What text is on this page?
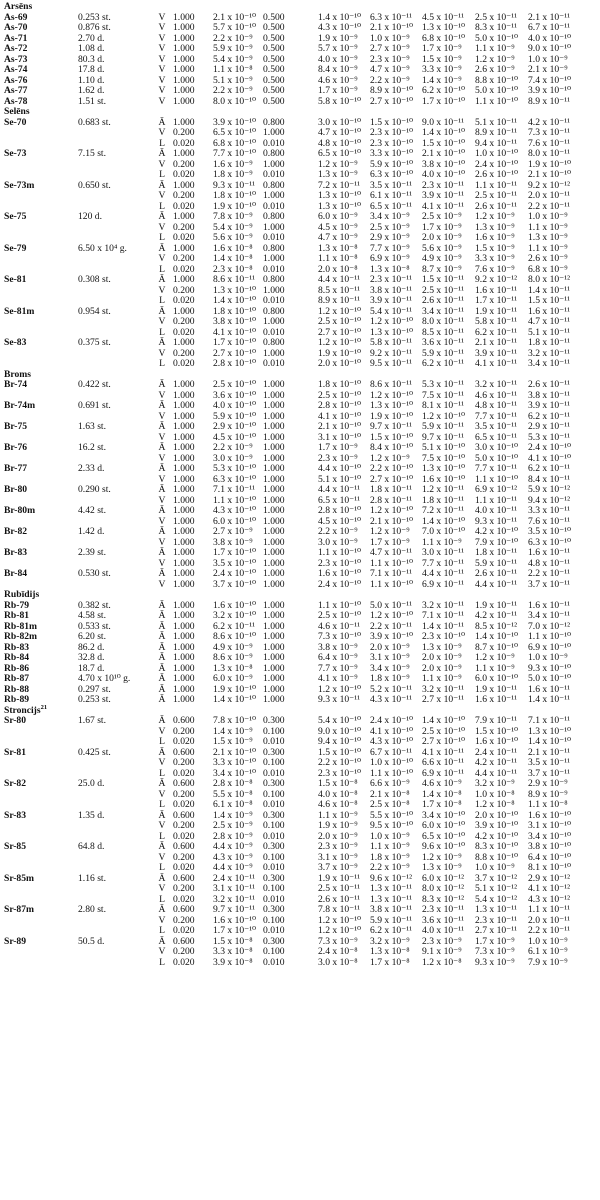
Arsēns
As-69	0.253 st.	V 1.000 2.1 x 10⁻¹⁰ 0.500	1.4 x 10⁻¹⁰ 6.3 x 10⁻¹¹ 4.5 x 10⁻¹¹ 2.5 x 10⁻¹¹ 2.1 x 10⁻¹¹
As-70	0.876 st.	V 1.000 5.7 x 10⁻¹⁰ 0.500	4.3 x 10⁻¹⁰ 2.1 x 10⁻¹⁰ 1.3 x 10⁻¹⁰ 8.3 x 10⁻¹¹ 6.7 x 10⁻¹¹
As-71	2.70 d.	V 1.000 2.2 x 10⁻⁹ 0.500	1.9 x 10⁻⁹ 1.0 x 10⁻⁹ 6.8 x 10⁻¹⁰ 5.0 x 10⁻¹⁰ 4.0 x 10⁻¹⁰
As-72	1.08 d.	V 1.000 5.9 x 10⁻⁹ 0.500	5.7 x 10⁻⁹ 2.7 x 10⁻⁹ 1.7 x 10⁻⁹ 1.1 x 10⁻⁹ 9.0 x 10⁻¹⁰
As-73	80.3 d.	V 1.000 5.4 x 10⁻⁹ 0.500	4.0 x 10⁻⁹ 2.3 x 10⁻⁹ 1.5 x 10⁻⁹ 1.2 x 10⁻⁹ 1.0 x 10⁻⁹
As-74	17.8 d.	V 1.000 1.1 x 10⁻⁸ 0.500	8.4 x 10⁻⁹ 4.7 x 10⁻⁹ 3.3 x 10⁻⁹ 2.6 x 10⁻⁹ 2.1 x 10⁻⁹
As-76	1.10 d.	V 1.000 5.1 x 10⁻⁹ 0.500	4.6 x 10⁻⁹ 2.2 x 10⁻⁹ 1.4 x 10⁻⁹ 8.8 x 10⁻¹⁰ 7.4 x 10⁻¹⁰
As-77	1.62 d.	V 1.000 2.2 x 10⁻⁹ 0.500	1.7 x 10⁻⁹ 8.9 x 10⁻¹⁰ 6.2 x 10⁻¹⁰ 5.0 x 10⁻¹⁰ 3.9 x 10⁻¹⁰
As-78	1.51 st.	V 1.000 8.0 x 10⁻¹⁰ 0.500	5.8 x 10⁻¹⁰ 2.7 x 10⁻¹⁰ 1.7 x 10⁻¹⁰ 1.1 x 10⁻¹⁰ 8.9 x 10⁻¹¹
Selēns
Se-70	0.683 st.	Ā 1.000 3.9 x 10⁻¹⁰ 0.800	3.0 x 10⁻¹⁰ 1.5 x 10⁻¹⁰ 9.0 x 10⁻¹¹ 5.1 x 10⁻¹¹ 4.2 x 10⁻¹¹
V 0.200 6.5 x 10⁻¹⁰ 1.000	4.7 x 10⁻¹⁰ 2.3 x 10⁻¹⁰ 1.4 x 10⁻¹⁰ 8.9 x 10⁻¹¹ 7.3 x 10⁻¹¹
L 0.020 6.8 x 10⁻¹⁰ 0.010	4.8 x 10⁻¹⁰ 2.3 x 10⁻¹⁰ 1.5 x 10⁻¹⁰ 9.4 x 10⁻¹¹ 7.6 x 10⁻¹¹
Se-73	7.15 st.	Ā 1.000 7.7 x 10⁻¹⁰ 0.800	6.5 x 10⁻¹⁰ 3.3 x 10⁻¹⁰ 2.1 x 10⁻¹⁰ 1.0 x 10⁻¹⁰ 8.0 x 10⁻¹¹
V 0.200 1.6 x 10⁻⁹ 1.000	1.2 x 10⁻⁹ 5.9 x 10⁻¹⁰ 3.8 x 10⁻¹⁰ 2.4 x 10⁻¹⁰ 1.9 x 10⁻¹⁰
L 0.020 1.8 x 10⁻⁹ 0.010	1.3 x 10⁻⁹ 6.3 x 10⁻¹⁰ 4.0 x 10⁻¹⁰ 2.6 x 10⁻¹⁰ 2.1 x 10⁻¹⁰
Se-73m	0.650 st.	Ā 1.000 9.3 x 10⁻¹¹ 0.800	7.2 x 10⁻¹¹ 3.5 x 10⁻¹¹ 2.3 x 10⁻¹¹ 1.1 x 10⁻¹¹ 9.2 x 10⁻¹²
V 0.200 1.8 x 10⁻¹⁰ 1.000	1.3 x 10⁻¹⁰ 6.1 x 10⁻¹¹ 3.9 x 10⁻¹¹ 2.5 x 10⁻¹¹ 2.0 x 10⁻¹¹
L 0.020 1.9 x 10⁻¹⁰ 0.010	1.3 x 10⁻¹⁰ 6.5 x 10⁻¹¹ 4.1 x 10⁻¹¹ 2.6 x 10⁻¹¹ 2.2 x 10⁻¹¹
Se-75	120 d.	Ā 1.000 7.8 x 10⁻⁹ 0.800	6.0 x 10⁻⁹ 3.4 x 10⁻⁹ 2.5 x 10⁻⁹ 1.2 x 10⁻⁹ 1.0 x 10⁻⁹
V 0.200 5.4 x 10⁻⁹ 1.000	4.5 x 10⁻⁹ 2.5 x 10⁻⁹ 1.7 x 10⁻⁹ 1.3 x 10⁻⁹ 1.1 x 10⁻⁹
L 0.020 5.6 x 10⁻⁹ 0.010	4.7 x 10⁻⁹ 2.9 x 10⁻⁹ 2.0 x 10⁻⁹ 1.6 x 10⁻⁹ 1.3 x 10⁻⁹
Se-79	6.50 x 10⁴ g.	Ā 1.000 1.6 x 10⁻⁸ 0.800	1.3 x 10⁻⁸ 7.7 x 10⁻⁹ 5.6 x 10⁻⁹ 1.5 x 10⁻⁹ 1.1 x 10⁻⁹
V 0.200 1.4 x 10⁻⁸ 1.000	1.1 x 10⁻⁸ 6.9 x 10⁻⁹ 4.9 x 10⁻⁹ 3.3 x 10⁻⁹ 2.6 x 10⁻⁹
L 0.020 2.3 x 10⁻⁸ 0.010	2.0 x 10⁻⁸ 1.3 x 10⁻⁸ 8.7 x 10⁻⁹ 7.6 x 10⁻⁹ 6.8 x 10⁻⁹
Se-81	0.308 st.	Ā 1.000 8.6 x 10⁻¹¹ 0.800	4.4 x 10⁻¹¹ 2.3 x 10⁻¹¹ 1.5 x 10⁻¹¹ 9.2 x 10⁻¹² 8.0 x 10⁻¹²
V 0.200 1.3 x 10⁻¹⁰ 1.000	8.5 x 10⁻¹¹ 3.8 x 10⁻¹¹ 2.5 x 10⁻¹¹ 1.6 x 10⁻¹¹ 1.4 x 10⁻¹¹
L 0.020 1.4 x 10⁻¹⁰ 0.010	8.9 x 10⁻¹¹ 3.9 x 10⁻¹¹ 2.6 x 10⁻¹¹ 1.7 x 10⁻¹¹ 1.5 x 10⁻¹¹
Se-81m	0.954 st.	Ā 1.000 1.8 x 10⁻¹⁰ 0.800	1.2 x 10⁻¹⁰ 5.4 x 10⁻¹¹ 3.4 x 10⁻¹¹ 1.9 x 10⁻¹¹ 1.6 x 10⁻¹¹
V 0.200 3.8 x 10⁻¹⁰ 1.000	2.5 x 10⁻¹⁰ 1.2 x 10⁻¹⁰ 8.0 x 10⁻¹¹ 5.8 x 10⁻¹¹ 4.7 x 10⁻¹¹
L 0.020 4.1 x 10⁻¹⁰ 0.010	2.7 x 10⁻¹⁰ 1.3 x 10⁻¹⁰ 8.5 x 10⁻¹¹ 6.2 x 10⁻¹¹ 5.1 x 10⁻¹¹
Se-83	0.375 st.	Ā 1.000 1.7 x 10⁻¹⁰ 0.800	1.2 x 10⁻¹⁰ 5.8 x 10⁻¹¹ 3.6 x 10⁻¹¹ 2.1 x 10⁻¹¹ 1.8 x 10⁻¹¹
V 0.200 2.7 x 10⁻¹⁰ 1.000	1.9 x 10⁻¹⁰ 9.2 x 10⁻¹¹ 5.9 x 10⁻¹¹ 3.9 x 10⁻¹¹ 3.2 x 10⁻¹¹
L 0.020 2.8 x 10⁻¹⁰ 0.010	2.0 x 10⁻¹⁰ 9.5 x 10⁻¹¹ 6.2 x 10⁻¹¹ 4.1 x 10⁻¹¹ 3.4 x 10⁻¹¹
Broms
Br-74	0.422 st.	Ā 1.000 2.5 x 10⁻¹⁰ 1.000	1.8 x 10⁻¹⁰ 8.6 x 10⁻¹¹ 5.3 x 10⁻¹¹ 3.2 x 10⁻¹¹ 2.6 x 10⁻¹¹
V 1.000 3.6 x 10⁻¹⁰ 1.000	2.5 x 10⁻¹⁰ 1.2 x 10⁻¹⁰ 7.5 x 10⁻¹¹ 4.6 x 10⁻¹¹ 3.8 x 10⁻¹¹
Br-74m	0.691 st.	Ā 1.000 4.0 x 10⁻¹⁰ 1.000	2.8 x 10⁻¹⁰ 1.3 x 10⁻¹⁰ 8.1 x 10⁻¹¹ 4.8 x 10⁻¹¹ 3.9 x 10⁻¹¹
V 1.000 5.9 x 10⁻¹⁰ 1.000	4.1 x 10⁻¹⁰ 1.9 x 10⁻¹⁰ 1.2 x 10⁻¹⁰ 7.7 x 10⁻¹¹ 6.2 x 10⁻¹¹
Br-75	1.63 st.	Ā 1.000 2.9 x 10⁻¹⁰ 1.000	2.1 x 10⁻¹⁰ 9.7 x 10⁻¹¹ 5.9 x 10⁻¹¹ 3.5 x 10⁻¹¹ 2.9 x 10⁻¹¹
V 1.000 4.5 x 10⁻¹⁰ 1.000	3.1 x 10⁻¹⁰ 1.5 x 10⁻¹⁰ 9.7 x 10⁻¹¹ 6.5 x 10⁻¹¹ 5.3 x 10⁻¹¹
Br-76	16.2 st.	Ā 1.000 2.2 x 10⁻⁹ 1.000	1.7 x 10⁻⁹ 8.4 x 10⁻¹⁰ 5.1 x 10⁻¹⁰ 3.0 x 10⁻¹⁰ 2.4 x 10⁻¹⁰
V 1.000 3.0 x 10⁻⁹ 1.000	2.3 x 10⁻⁹ 1.2 x 10⁻⁹ 7.5 x 10⁻¹⁰ 5.0 x 10⁻¹⁰ 4.1 x 10⁻¹⁰
Br-77	2.33 d.	Ā 1.000 5.3 x 10⁻¹⁰ 1.000	4.4 x 10⁻¹⁰ 2.2 x 10⁻¹⁰ 1.3 x 10⁻¹⁰ 7.7 x 10⁻¹¹ 6.2 x 10⁻¹¹
V 1.000 6.3 x 10⁻¹⁰ 1.000	5.1 x 10⁻¹⁰ 2.7 x 10⁻¹⁰ 1.6 x 10⁻¹⁰ 1.1 x 10⁻¹⁰ 8.4 x 10⁻¹¹
Br-80	0.290 st.	Ā 1.000 7.1 x 10⁻¹¹ 1.000	4.4 x 10⁻¹¹ 1.8 x 10⁻¹¹ 1.2 x 10⁻¹¹ 6.9 x 10⁻¹² 5.9 x 10⁻¹²
V 1.000 1.1 x 10⁻¹⁰ 1.000	6.5 x 10⁻¹¹ 2.8 x 10⁻¹¹ 1.8 x 10⁻¹¹ 1.1 x 10⁻¹¹ 9.4 x 10⁻¹²
Br-80m	4.42 st.	Ā 1.000 4.3 x 10⁻¹⁰ 1.000	2.8 x 10⁻¹⁰ 1.2 x 10⁻¹⁰ 7.2 x 10⁻¹¹ 4.0 x 10⁻¹¹ 3.3 x 10⁻¹¹
V 1.000 6.0 x 10⁻¹⁰ 1.000	4.5 x 10⁻¹⁰ 2.1 x 10⁻¹⁰ 1.4 x 10⁻¹⁰ 9.3 x 10⁻¹¹ 7.6 x 10⁻¹¹
Br-82	1.42 d.	Ā 1.000 2.7 x 10⁻⁹ 1.000	2.2 x 10⁻⁹ 1.2 x 10⁻⁹ 7.0 x 10⁻¹⁰ 4.2 x 10⁻¹⁰ 3.5 x 10⁻¹⁰
V 1.000 3.8 x 10⁻⁹ 1.000	3.0 x 10⁻⁹ 1.7 x 10⁻⁹ 1.1 x 10⁻⁹ 7.9 x 10⁻¹⁰ 6.3 x 10⁻¹⁰
Br-83	2.39 st.	Ā 1.000 1.7 x 10⁻¹⁰ 1.000	1.1 x 10⁻¹⁰ 4.7 x 10⁻¹¹ 3.0 x 10⁻¹¹ 1.8 x 10⁻¹¹ 1.6 x 10⁻¹¹
V 1.000 3.5 x 10⁻¹⁰ 1.000	2.3 x 10⁻¹⁰ 1.1 x 10⁻¹⁰ 7.7 x 10⁻¹¹ 5.9 x 10⁻¹¹ 4.8 x 10⁻¹¹
Br-84	0.530 st.	Ā 1.000 2.4 x 10⁻¹⁰ 1.000	1.6 x 10⁻¹⁰ 7.1 x 10⁻¹¹ 4.4 x 10⁻¹¹ 2.6 x 10⁻¹¹ 2.2 x 10⁻¹¹
V 1.000 3.7 x 10⁻¹⁰ 1.000	2.4 x 10⁻¹⁰ 1.1 x 10⁻¹⁰ 6.9 x 10⁻¹¹ 4.4 x 10⁻¹¹ 3.7 x 10⁻¹¹
Rubīdijs
Rb-79	0.382 st.	Ā 1.000 1.6 x 10⁻¹⁰ 1.000	1.1 x 10⁻¹⁰ 5.0 x 10⁻¹¹ 3.2 x 10⁻¹¹ 1.9 x 10⁻¹¹ 1.6 x 10⁻¹¹
Rb-81	4.58 st.	Ā 1.000 3.2 x 10⁻¹⁰ 1.000	2.5 x 10⁻¹⁰ 1.2 x 10⁻¹⁰ 7.1 x 10⁻¹¹ 4.2 x 10⁻¹¹ 3.4 x 10⁻¹¹
Rb-81m	0.533 st.	Ā 1.000 6.2 x 10⁻¹¹ 1.000	4.6 x 10⁻¹¹ 2.2 x 10⁻¹¹ 1.4 x 10⁻¹¹ 8.5 x 10⁻¹² 7.0 x 10⁻¹²
Rb-82m	6.20 st.	Ā 1.000 8.6 x 10⁻¹⁰ 1.000	7.3 x 10⁻¹⁰ 3.9 x 10⁻¹⁰ 2.3 x 10⁻¹⁰ 1.4 x 10⁻¹⁰ 1.1 x 10⁻¹⁰
Rb-83	86.2 d.	Ā 1.000 4.9 x 10⁻⁹ 1.000	3.8 x 10⁻⁹ 2.0 x 10⁻⁹ 1.3 x 10⁻⁹ 8.7 x 10⁻¹⁰ 6.9 x 10⁻¹⁰
Rb-84	32.8 d.	Ā 1.000 8.6 x 10⁻⁹ 1.000	6.4 x 10⁻⁹ 3.1 x 10⁻⁹ 2.0 x 10⁻⁹ 1.2 x 10⁻⁹ 1.0 x 10⁻⁹
Rb-86	18.7 d.	Ā 1.000 1.3 x 10⁻⁸ 1.000	7.7 x 10⁻⁹ 3.4 x 10⁻⁹ 2.0 x 10⁻⁹ 1.1 x 10⁻⁹ 9.3 x 10⁻¹⁰
Rb-87	4.70 x 10¹⁰ g.	Ā 1.000 6.0 x 10⁻⁹ 1.000	4.1 x 10⁻⁹ 1.8 x 10⁻⁹ 1.1 x 10⁻⁹ 6.0 x 10⁻¹⁰ 5.0 x 10⁻¹⁰
Rb-88	0.297 st.	Ā 1.000 1.9 x 10⁻¹⁰ 1.000	1.2 x 10⁻¹⁰ 5.2 x 10⁻¹¹ 3.2 x 10⁻¹¹ 1.9 x 10⁻¹¹ 1.6 x 10⁻¹¹
Rb-89	0.253 st.	Ā 1.000 1.4 x 10⁻¹⁰ 1.000	9.3 x 10⁻¹¹ 4.3 x 10⁻¹¹ 2.7 x 10⁻¹¹ 1.6 x 10⁻¹¹ 1.4 x 10⁻¹¹
Stroncijs$^{21}$
Sr-80	1.67 st.	Ā 0.600 7.8 x 10⁻¹⁰ 0.300	5.4 x 10⁻¹⁰ 2.4 x 10⁻¹⁰ 1.4 x 10⁻¹⁰ 7.9 x 10⁻¹¹ 7.1 x 10⁻¹¹
V 0.200 1.4 x 10⁻⁹ 0.100	9.0 x 10⁻¹⁰ 4.1 x 10⁻¹⁰ 2.5 x 10⁻¹⁰ 1.5 x 10⁻¹⁰ 1.3 x 10⁻¹⁰
L 0.020 1.5 x 10⁻⁹ 0.010	9.4 x 10⁻¹⁰ 4.3 x 10⁻¹⁰ 2.7 x 10⁻¹⁰ 1.6 x 10⁻¹⁰ 1.4 x 10⁻¹⁰
Sr-81	0.425 st.	Ā 0.600 2.1 x 10⁻¹⁰ 0.300	1.5 x 10⁻¹⁰ 6.7 x 10⁻¹¹ 4.1 x 10⁻¹¹ 2.4 x 10⁻¹¹ 2.1 x 10⁻¹¹
V 0.200 3.3 x 10⁻¹⁰ 0.100	2.2 x 10⁻¹⁰ 1.0 x 10⁻¹⁰ 6.6 x 10⁻¹¹ 4.2 x 10⁻¹¹ 3.5 x 10⁻¹¹
L 0.020 3.4 x 10⁻¹⁰ 0.010	2.3 x 10⁻¹⁰ 1.1 x 10⁻¹⁰ 6.9 x 10⁻¹¹ 4.4 x 10⁻¹¹ 3.7 x 10⁻¹¹
Sr-82	25.0 d.	Ā 0.600 2.8 x 10⁻⁸ 0.300	1.5 x 10⁻⁸ 6.6 x 10⁻⁹ 4.6 x 10⁻⁹ 3.2 x 10⁻⁹ 2.9 x 10⁻⁹
V 0.200 5.5 x 10⁻⁸ 0.100	4.0 x 10⁻⁸ 2.1 x 10⁻⁸ 1.4 x 10⁻⁸ 1.0 x 10⁻⁸ 8.9 x 10⁻⁹
L 0.020 6.1 x 10⁻⁸ 0.010	4.6 x 10⁻⁸ 2.5 x 10⁻⁸ 1.7 x 10⁻⁸ 1.2 x 10⁻⁸ 1.1 x 10⁻⁸
Sr-83	1.35 d.	Ā 0.600 1.4 x 10⁻⁹ 0.300	1.1 x 10⁻⁹ 5.5 x 10⁻¹⁰ 3.4 x 10⁻¹⁰ 2.0 x 10⁻¹⁰ 1.6 x 10⁻¹⁰
V 0.200 2.5 x 10⁻⁹ 0.100	1.9 x 10⁻⁹ 9.5 x 10⁻¹⁰ 6.0 x 10⁻¹⁰ 3.9 x 10⁻¹⁰ 3.1 x 10⁻¹⁰
L 0.020 2.8 x 10⁻⁹ 0.010	2.0 x 10⁻⁹ 1.0 x 10⁻⁹ 6.5 x 10⁻¹⁰ 4.2 x 10⁻¹⁰ 3.4 x 10⁻¹⁰
Sr-85	64.8 d.	Ā 0.600 4.4 x 10⁻⁹ 0.300	2.3 x 10⁻⁹ 1.1 x 10⁻⁹ 9.6 x 10⁻¹⁰ 8.3 x 10⁻¹⁰ 3.8 x 10⁻¹⁰
V 0.200 4.3 x 10⁻⁹ 0.100	3.1 x 10⁻⁹ 1.8 x 10⁻⁹ 1.2 x 10⁻⁹ 8.8 x 10⁻¹⁰ 6.4 x 10⁻¹⁰
L 0.020 4.4 x 10⁻⁹ 0.010	3.7 x 10⁻⁹ 2.2 x 10⁻⁹ 1.3 x 10⁻⁹ 1.0 x 10⁻⁹ 8.1 x 10⁻¹⁰
Sr-85m	1.16 st.	Ā 0.600 2.4 x 10⁻¹¹ 0.300	1.9 x 10⁻¹¹ 9.6 x 10⁻¹² 6.0 x 10⁻¹² 3.7 x 10⁻¹² 2.9 x 10⁻¹²
V 0.200 3.1 x 10⁻¹¹ 0.100	2.5 x 10⁻¹¹ 1.3 x 10⁻¹¹ 8.0 x 10⁻¹² 5.1 x 10⁻¹² 4.1 x 10⁻¹²
L 0.020 3.2 x 10⁻¹¹ 0.010	2.6 x 10⁻¹¹ 1.3 x 10⁻¹¹ 8.3 x 10⁻¹² 5.4 x 10⁻¹² 4.3 x 10⁻¹²
Sr-87m	2.80 st.	Ā 0.600 9.7 x 10⁻¹¹ 0.300	7.8 x 10⁻¹¹ 3.8 x 10⁻¹¹ 2.3 x 10⁻¹¹ 1.3 x 10⁻¹¹ 1.1 x 10⁻¹¹
V 0.200 1.6 x 10⁻¹⁰ 0.100	1.2 x 10⁻¹⁰ 5.9 x 10⁻¹¹ 3.6 x 10⁻¹¹ 2.3 x 10⁻¹¹ 2.0 x 10⁻¹¹
L 0.020 1.7 x 10⁻¹⁰ 0.010	1.2 x 10⁻¹⁰ 6.2 x 10⁻¹¹ 4.0 x 10⁻¹¹ 2.7 x 10⁻¹¹ 2.2 x 10⁻¹¹
Sr-89	50.5 d.	Ā 0.600 1.5 x 10⁻⁸ 0.300	7.3 x 10⁻⁹ 3.2 x 10⁻⁹ 2.3 x 10⁻⁹ 1.7 x 10⁻⁹ 1.0 x 10⁻⁹
V 0.200 3.3 x 10⁻⁸ 0.100	2.4 x 10⁻⁸ 1.3 x 10⁻⁸ 9.1 x 10⁻⁹ 7.3 x 10⁻⁹ 6.1 x 10⁻⁹
L 0.020 3.9 x 10⁻⁸ 0.010	3.0 x 10⁻⁸ 1.7 x 10⁻⁸ 1.2 x 10⁻⁸ 9.3 x 10⁻⁹ 7.9 x 10⁻⁹
